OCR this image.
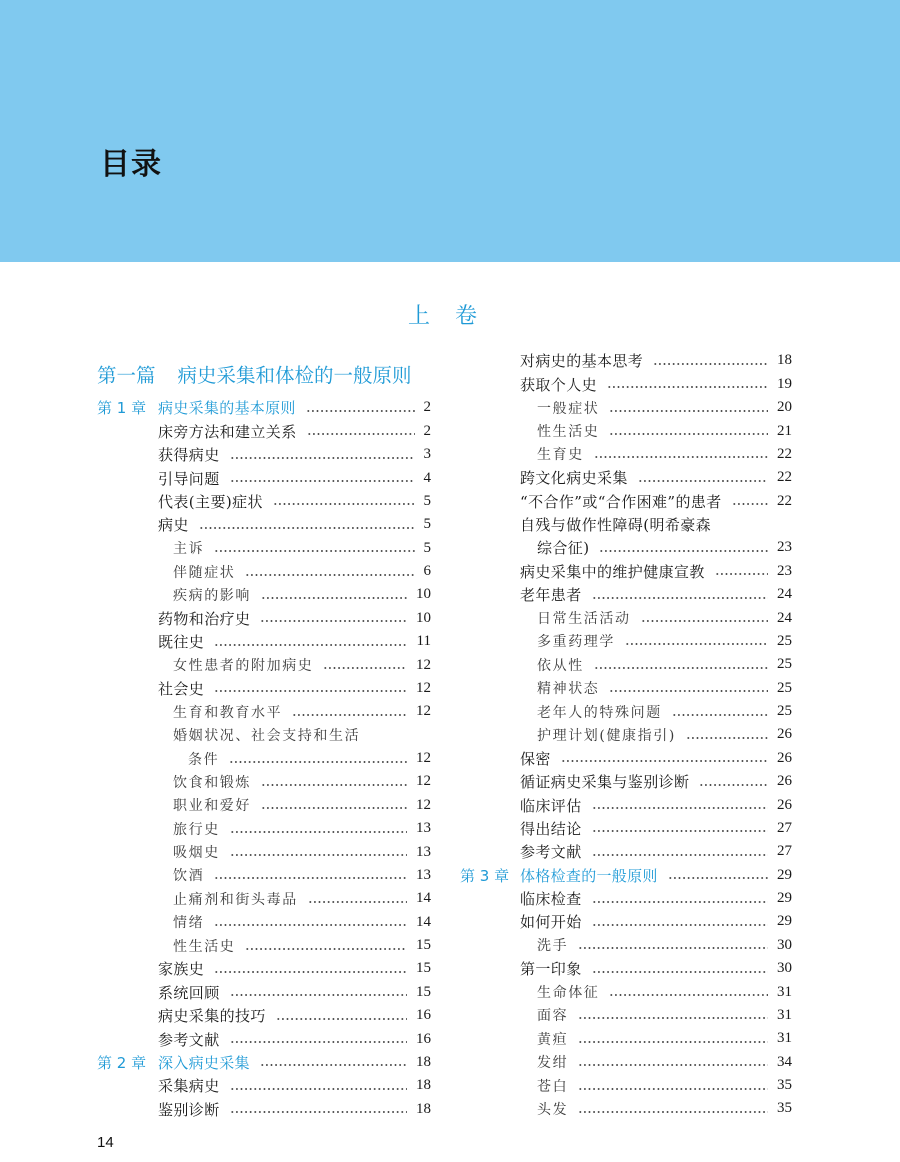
目录
上 卷
第一篇 病史采集和体检的一般原则
第 1 章 病史采集的基本原则	2
床旁方法和建立关系	2
获得病史	3
引导问题	4
代表(主要)症状	5
病史	5
主诉	5
伴随症状	6
疾病的影响	10
药物和治疗史	10
既往史	11
女性患者的附加病史	12
社会史	12
生育和教育水平	12
婚姻状况、社会支持和生活
条件	12
饮食和锻炼	12
职业和爱好	12
旅行史	13
吸烟史	13
饮酒	13
止痛剂和街头毒品	14
情绪	14
性生活史	15
家族史	15
系统回顾	15
病史采集的技巧	16
参考文献	16
第 2 章 深入病史采集	18
采集病史	18
鉴别诊断	18
对病史的基本思考	18
获取个人史	19
一般症状	20
性生活史	21
生育史	22
跨文化病史采集	22
“不合作”或“合作困难”的患者	22
自残与做作性障碍(明希豪森
综合征)	23
病史采集中的维护健康宣教	23
老年患者	24
日常生活活动	24
多重药理学	25
依从性	25
精神状态	25
老年人的特殊问题	25
护理计划(健康指引)	26
保密	26
循证病史采集与鉴别诊断	26
临床评估	26
得出结论	27
参考文献	27
第 3 章 体格检查的一般原则	29
临床检查	29
如何开始	29
洗手	30
第一印象	30
生命体征	31
面容	31
黄疸	31
发绀	34
苍白	35
头发	35
14
